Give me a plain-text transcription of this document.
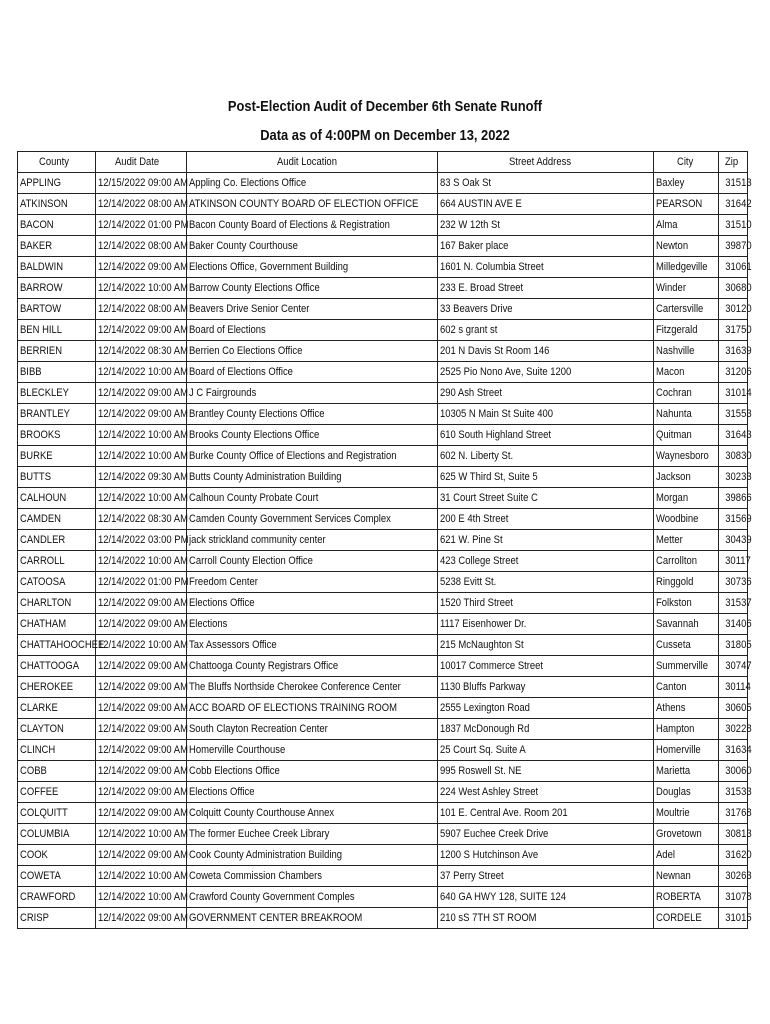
Post-Election Audit of December 6th Senate Runoff
Data as of 4:00PM on December 13, 2022
County	Audit Date	Audit Location	Street Address	City	Zip
APPLING	12/15/2022 09:00 AM	Appling Co. Elections Office	83 S Oak St	Baxley	31513
ATKINSON	12/14/2022 08:00 AM	ATKINSON COUNTY BOARD OF ELECTION OFFICE	664 AUSTIN AVE E	PEARSON	31642
BACON	12/14/2022 01:00 PM	Bacon County Board of Elections & Registration	232 W 12th St	Alma	31510
BAKER	12/14/2022 08:00 AM	Baker County Courthouse	167 Baker place	Newton	39870
BALDWIN	12/14/2022 09:00 AM	Elections Office, Government Building	1601 N. Columbia Street	Milledgeville	31061
BARROW	12/14/2022 10:00 AM	Barrow County Elections Office	233 E. Broad Street	Winder	30680
BARTOW	12/14/2022 08:00 AM	Beavers Drive Senior Center	33 Beavers Drive	Cartersville	30120
BEN HILL	12/14/2022 09:00 AM	Board of Elections	602 s grant st	Fitzgerald	31750
BERRIEN	12/14/2022 08:30 AM	Berrien Co Elections Office	201 N Davis St Room 146	Nashville	31639
BIBB	12/14/2022 10:00 AM	Board of Elections Office	2525 Pio Nono Ave, Suite 1200	Macon	31206
BLECKLEY	12/14/2022 09:00 AM	J C Fairgrounds	290 Ash Street	Cochran	31014
BRANTLEY	12/14/2022 09:00 AM	Brantley County Elections Office	10305 N Main St Suite 400	Nahunta	31553
BROOKS	12/14/2022 10:00 AM	Brooks County Elections Office	610 South Highland Street	Quitman	31643
BURKE	12/14/2022 10:00 AM	Burke County Office of Elections and Registration	602 N. Liberty St.	Waynesboro	30830
BUTTS	12/14/2022 09:30 AM	Butts County Administration Building	625 W Third St, Suite 5	Jackson	30233
CALHOUN	12/14/2022 10:00 AM	Calhoun County Probate Court	31 Court Street Suite C	Morgan	39866
CAMDEN	12/14/2022 08:30 AM	Camden County Government Services Complex	200 E 4th Street	Woodbine	31569
CANDLER	12/14/2022 03:00 PM	jack strickland community center	621 W. Pine St	Metter	30439
CARROLL	12/14/2022 10:00 AM	Carroll County Election Office	423 College Street	Carrollton	30117
CATOOSA	12/14/2022 01:00 PM	Freedom Center	5238 Evitt St.	Ringgold	30736
CHARLTON	12/14/2022 09:00 AM	Elections Office	1520 Third Street	Folkston	31537
CHATHAM	12/14/2022 09:00 AM	Elections	1117 Eisenhower Dr.	Savannah	31406
CHATTAHOOCHEE	12/14/2022 10:00 AM	Tax Assessors Office	215 McNaughton St	Cusseta	31805
CHATTOOGA	12/14/2022 09:00 AM	Chattooga County Registrars Office	10017 Commerce Street	Summerville	30747
CHEROKEE	12/14/2022 09:00 AM	The Bluffs Northside Cherokee Conference Center	1130 Bluffs Parkway	Canton	30114
CLARKE	12/14/2022 09:00 AM	ACC BOARD OF ELECTIONS TRAINING ROOM	2555 Lexington Road	Athens	30605
CLAYTON	12/14/2022 09:00 AM	South Clayton Recreation Center	1837 McDonough Rd	Hampton	30228
CLINCH	12/14/2022 09:00 AM	Homerville Courthouse	25 Court Sq. Suite A	Homerville	31634
COBB	12/14/2022 09:00 AM	Cobb Elections Office	995 Roswell St. NE	Marietta	30060
COFFEE	12/14/2022 09:00 AM	Elections Office	224 West Ashley Street	Douglas	31533
COLQUITT	12/14/2022 09:00 AM	Colquitt County Courthouse Annex	101 E. Central Ave. Room 201	Moultrie	31768
COLUMBIA	12/14/2022 10:00 AM	The former Euchee Creek Library	5907 Euchee Creek Drive	Grovetown	30813
COOK	12/14/2022 09:00 AM	Cook County Administration Building	1200 S Hutchinson Ave	Adel	31620
COWETA	12/14/2022 10:00 AM	Coweta Commission Chambers	37 Perry Street	Newnan	30263
CRAWFORD	12/14/2022 10:00 AM	Crawford County Government Comples	640 GA HWY 128, SUITE 124	ROBERTA	31078
CRISP	12/14/2022 09:00 AM	GOVERNMENT CENTER BREAKROOM	210 sS 7TH ST ROOM	CORDELE	31015
